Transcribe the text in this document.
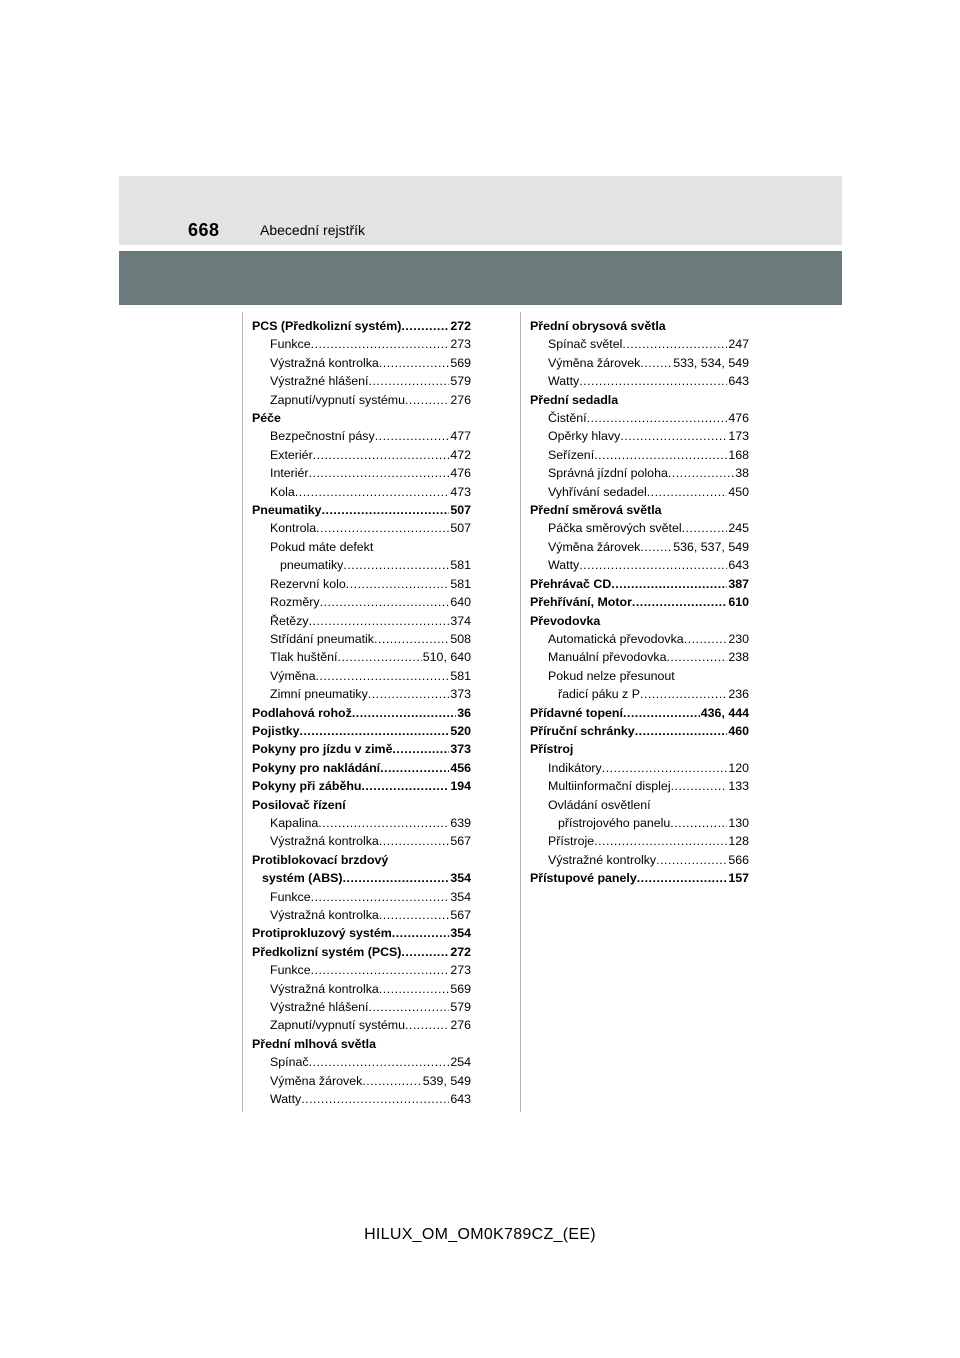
668	Abecední rejstřík
PCS (Předkolizní systém) .....	272
Funkce .....	273
Výstražná kontrolka .....	569
Výstražné hlášení .....	579
Zapnutí/vypnutí systému .....	276
Péče
Bezpečnostní pásy .....	477
Exteriér .....	472
Interiér .....	476
Kola .....	473
Pneumatiky .....	507
Kontrola .....	507
Pokud máte defekt
pneumatiky .....	581
Rezervní kolo .....	581
Rozměry .....	640
Řetězy .....	374
Střídání pneumatik .....	508
Tlak huštění .....	510, 640
Výměna .....	581
Zimní pneumatiky .....	373
Podlahová rohož .....	36
Pojistky .....	520
Pokyny pro jízdu v zimě .....	373
Pokyny pro nakládání .....	456
Pokyny při záběhu .....	194
Posilovač řízení
Kapalina .....	639
Výstražná kontrolka .....	567
Protiblokovací brzdový
systém (ABS) .....	354
Funkce .....	354
Výstražná kontrolka .....	567
Protiprokluzový systém .....	354
Předkolizní systém (PCS) .....	272
Funkce .....	273
Výstražná kontrolka .....	569
Výstražné hlášení .....	579
Zapnutí/vypnutí systému .....	276
Přední mlhová světla
Spínač .....	254
Výměna žárovek .....	539, 549
Watty .....	643
Přední obrysová světla
Spínač světel .....	247
Výměna žárovek .....	533, 534, 549
Watty .....	643
Přední sedadla
Čistění .....	476
Opěrky hlavy .....	173
Seřízení .....	168
Správná jízdní poloha .....	38
Vyhřívání sedadel .....	450
Přední směrová světla
Páčka směrových světel .....	245
Výměna žárovek .....	536, 537, 549
Watty .....	643
Přehrávač CD .....	387
Přehřívání, Motor .....	610
Převodovka
Automatická převodovka .....	230
Manuální převodovka .....	238
Pokud nelze přesunout
řadicí páku z P .....	236
Přídavné topení .....	436, 444
Příruční schránky .....	460
Přístroj
Indikátory .....	120
Multiinformační displej .....	133
Ovládání osvětlení
přístrojového panelu .....	130
Přístroje .....	128
Výstražné kontrolky .....	566
Přístupové panely .....	157
HILUX_OM_OM0K789CZ_(EE)
